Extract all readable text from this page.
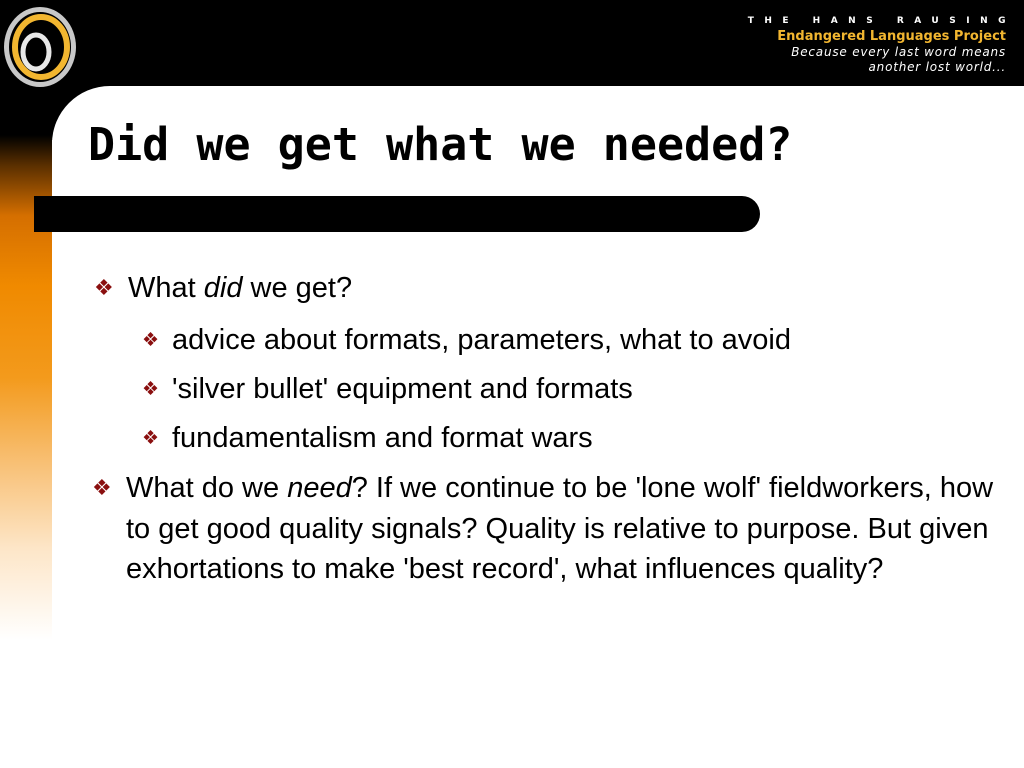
THE HANS RAUSING
Endangered Languages Project
Because every last word means
another lost world...
Did we get what we needed?
❖ What did we get?
❖ advice about formats, parameters, what to avoid
❖ 'silver bullet' equipment and formats
❖ fundamentalism and format wars
❖ What do we need? If we continue to be 'lone wolf' fieldworkers, how to get good quality signals? Quality is relative to purpose. But given exhortations to make 'best record', what influences quality?
